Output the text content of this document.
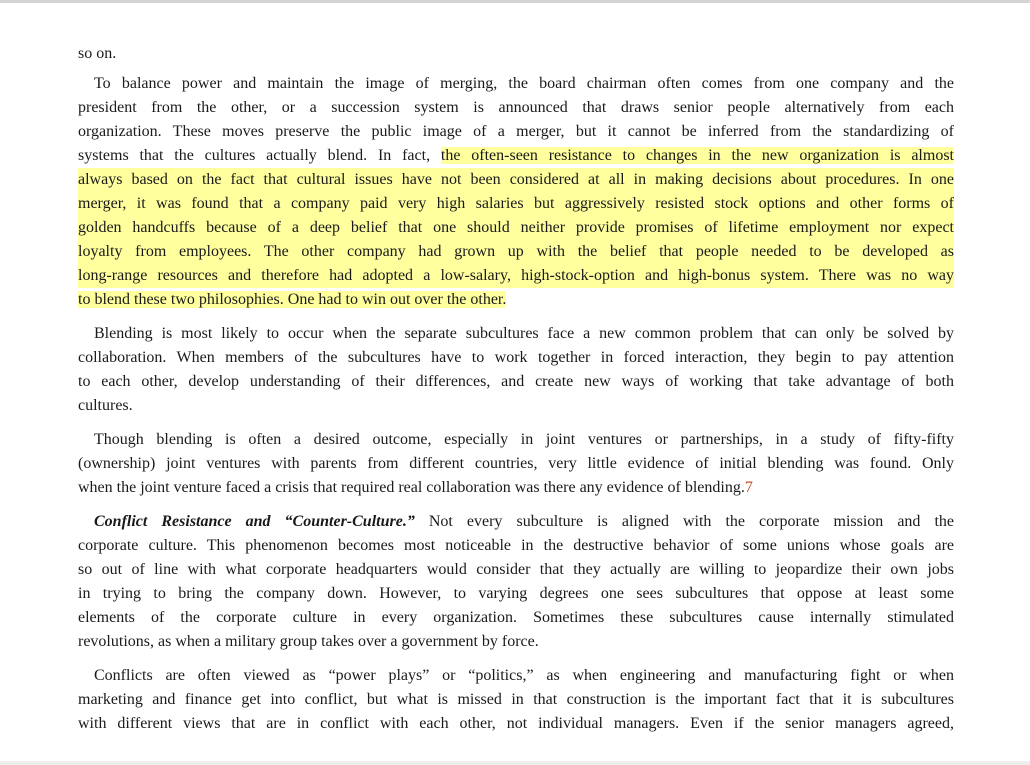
so on.
To balance power and maintain the image of merging, the board chairman often comes from one company and the
president from the other, or a succession system is announced that draws senior people alternatively from each
organization. These moves preserve the public image of a merger, but it cannot be inferred from the standardizing of
systems that the cultures actually blend. In fact, the often-seen resistance to changes in the new organization is almost
always based on the fact that cultural issues have not been considered at all in making decisions about procedures. In one
merger, it was found that a company paid very high salaries but aggressively resisted stock options and other forms of
golden handcuffs because of a deep belief that one should neither provide promises of lifetime employment nor expect
loyalty from employees. The other company had grown up with the belief that people needed to be developed as
long-range resources and therefore had adopted a low-salary, high-stock-option and high-bonus system. There was no way
to blend these two philosophies. One had to win out over the other.
Blending is most likely to occur when the separate subcultures face a new common problem that can only be solved by
collaboration. When members of the subcultures have to work together in forced interaction, they begin to pay attention
to each other, develop understanding of their differences, and create new ways of working that take advantage of both
cultures.
Though blending is often a desired outcome, especially in joint ventures or partnerships, in a study of fifty-fifty
(ownership) joint ventures with parents from different countries, very little evidence of initial blending was found. Only
when the joint venture faced a crisis that required real collaboration was there any evidence of blending.7
Conflict Resistance and “Counter-Culture.” Not every subculture is aligned with the corporate mission and the
corporate culture. This phenomenon becomes most noticeable in the destructive behavior of some unions whose goals are
so out of line with what corporate headquarters would consider that they actually are willing to jeopardize their own jobs
in trying to bring the company down. However, to varying degrees one sees subcultures that oppose at least some
elements of the corporate culture in every organization. Sometimes these subcultures cause internally stimulated
revolutions, as when a military group takes over a government by force.
Conflicts are often viewed as “power plays” or “politics,” as when engineering and manufacturing fight or when
marketing and finance get into conflict, but what is missed in that construction is the important fact that it is subcultures
with different views that are in conflict with each other, not individual managers. Even if the senior managers agreed,
